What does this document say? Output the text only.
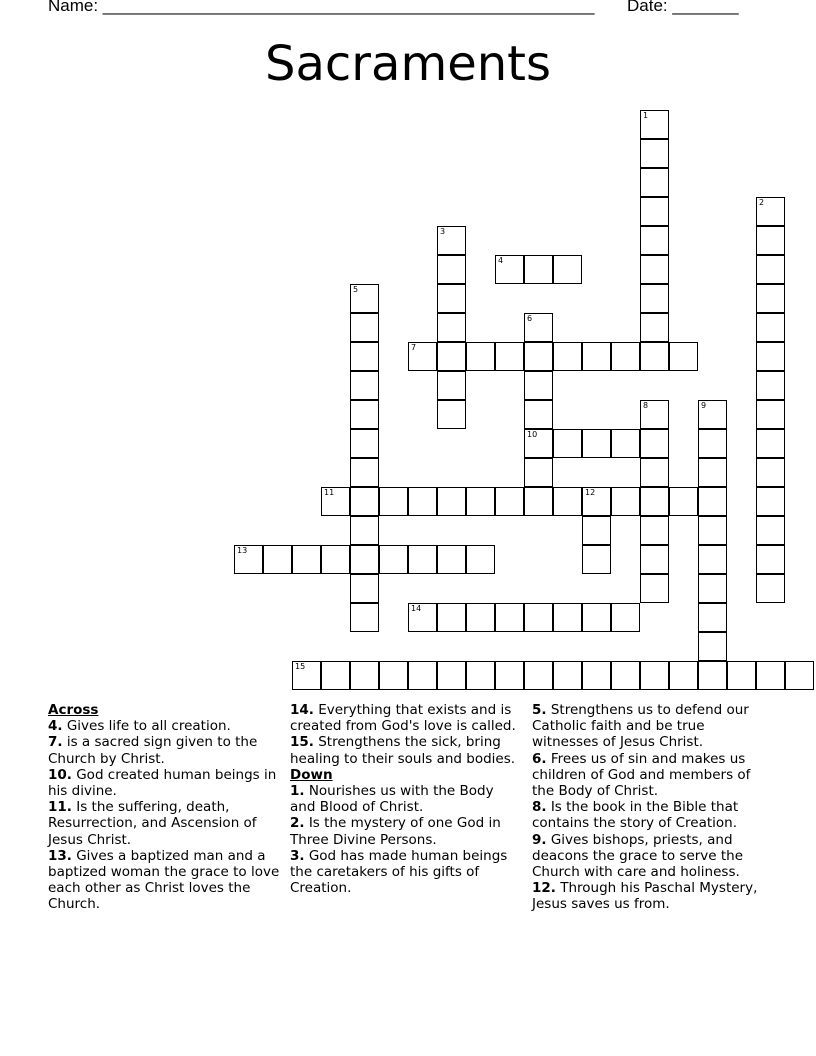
Name: ____________________________________________________ Date: _______
Sacraments
1
2
3
4
5
6
10
7
8	9
11	12
13
14
15
Across
4. Gives life to all creation.
7. is a sacred sign given to the Church by Christ.
10. God created human beings in his divine.
11. Is the suffering, death, Resurrection, and Ascension of Jesus Christ.
13. Gives a baptized man and a baptized woman the grace to love each other as Christ loves the Church.
14. Everything that exists and is created from God's love is called.
15. Strengthens the sick, bring healing to their souls and bodies.
Down
1. Nourishes us with the Body and Blood of Christ.
2. Is the mystery of one God in Three Divine Persons.
3. God has made human beings the caretakers of his gifts of Creation.
5. Strengthens us to defend our Catholic faith and be true witnesses of Jesus Christ.
6. Frees us of sin and makes us children of God and members of the Body of Christ.
8. Is the book in the Bible that contains the story of Creation.
9. Gives bishops, priests, and deacons the grace to serve the Church with care and holiness.
12. Through his Paschal Mystery, Jesus saves us from.
